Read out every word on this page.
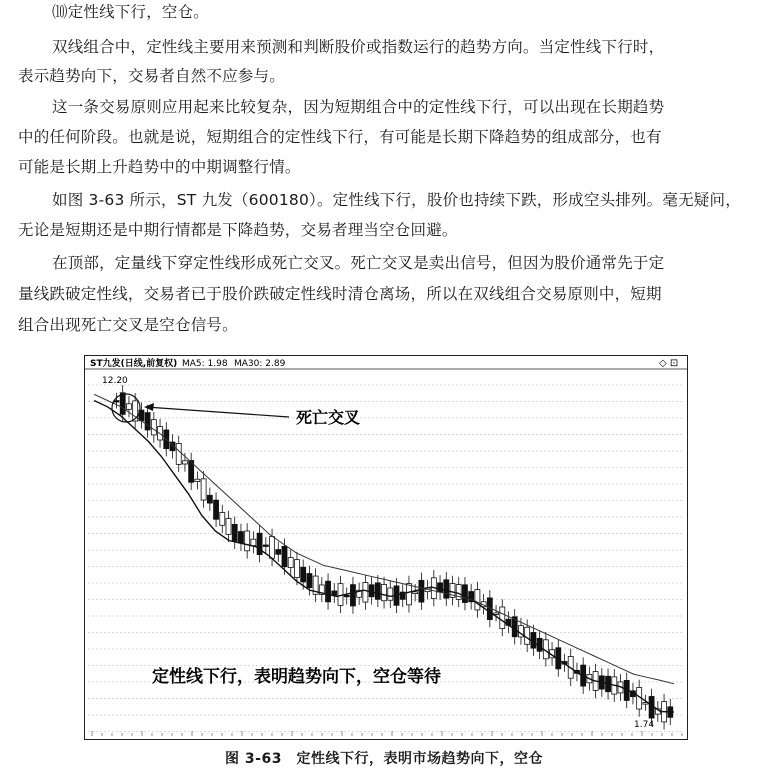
⑽定性线下行，空仓。
双线组合中，定性线主要用来预测和判断股价或指数运行的趋势方向。当定性线下行时，
表示趋势向下，交易者自然不应参与。
这一条交易原则应用起来比较复杂，因为短期组合中的定性线下行，可以出现在长期趋势
中的任何阶段。也就是说，短期组合的定性线下行，有可能是长期下降趋势的组成部分，也有
可能是长期上升趋势中的中期调整行情。
如图 3-63 所示，ST 九发（600180）。定性线下行，股价也持续下跌，形成空头排列。毫无疑问，
无论是短期还是中期行情都是下降趋势，交易者理当空仓回避。
在顶部，定量线下穿定性线形成死亡交叉。死亡交叉是卖出信号，但因为股价通常先于定
量线跌破定性线，交易者已于股价跌破定性线时清仓离场，所以在双线组合交易原则中，短期
组合出现死亡交叉是空仓信号。
ST九发(日线,前复权) MA5: 1.98 MA30: 2.89	◇ ⊡
12.20
1.74
死亡交叉
定性线下行，表明趋势向下，空仓等待
图 3-63　定性线下行，表明市场趋势向下，空仓
